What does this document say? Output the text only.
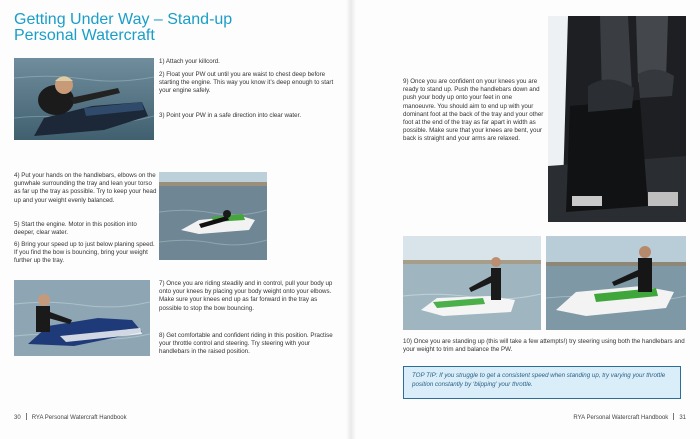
Getting Under Way – Stand-up
Personal Watercraft

1) Attach your killcord.

2) Float your PW out until you are waist to chest deep before starting the engine. This way you know it’s deep enough to start your engine safely.

3) Point your PW in a safe direction into clear water.

4) Put your hands on the handlebars, elbows on the gunwhale surrounding the tray and lean your torso as far up the tray as possible. Try to keep your head up and your weight evenly balanced.

5) Start the engine. Motor in this position into deeper, clear water.

6) Bring your speed up to just below planing speed. If you find the bow is bouncing, bring your weight further up the tray.

7) Once you are riding steadily and in control, pull your body up onto your knees by placing your body weight onto your elbows. Make sure your knees end up as far forward in the tray as possible to stop the bow bouncing.

8) Get comfortable and confident riding in this position. Practise your throttle control and steering. Try steering with your handlebars in the raised position.

9) Once you are confident on your knees you are ready to stand up. Push the handlebars down and push your body up onto your feet in one manoeuvre. You should aim to end up with your dominant foot at the back of the tray and your other foot at the end of the tray as far apart in width as possible. Make sure that your knees are bent, your back is straight and your arms are relaxed.

10) Once you are standing up (this will take a few attempts!) try steering using both the handlebars and your weight to trim and balance the PW.

TOP TIP: If you struggle to get a consistent speed when standing up, try varying your throttle position constantly by ‘blipping’ your throttle.
30 RYA Personal Watercraft Handbook	RYA Personal Watercraft Handbook 31
